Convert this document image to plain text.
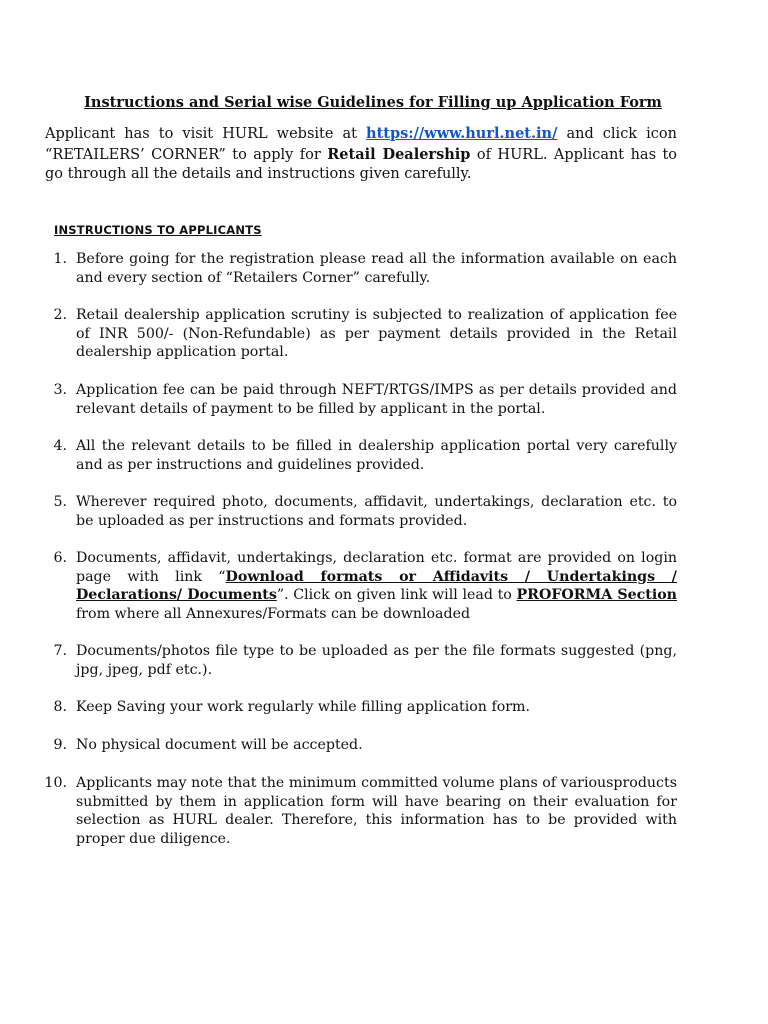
Instructions and Serial wise Guidelines for Filling up Application Form
Applicant has to visit HURL website at https://www.hurl.net.in/ and click icon “RETAILERS’ CORNER” to apply for Retail Dealership of HURL. Applicant has to go through all the details and instructions given carefully.
INSTRUCTIONS TO APPLICANTS
1. Before going for the registration please read all the information available on each and every section of “Retailers Corner” carefully.
2. Retail dealership application scrutiny is subjected to realization of application fee of INR 500/- (Non-Refundable) as per payment details provided in the Retail dealership application portal.
3. Application fee can be paid through NEFT/RTGS/IMPS as per details provided and relevant details of payment to be filled by applicant in the portal.
4. All the relevant details to be filled in dealership application portal very carefully and as per instructions and guidelines provided.
5. Wherever required photo, documents, affidavit, undertakings, declaration etc. to be uploaded as per instructions and formats provided.
6. Documents, affidavit, undertakings, declaration etc. format are provided on login page with link “Download formats or Affidavits / Undertakings / Declarations/ Documents”. Click on given link will lead to PROFORMA Section from where all Annexures/Formats can be downloaded
7. Documents/photos file type to be uploaded as per the file formats suggested (png, jpg, jpeg, pdf etc.).
8. Keep Saving your work regularly while filling application form.
9. No physical document will be accepted.
10. Applicants may note that the minimum committed volume plans of variousproducts submitted by them in application form will have bearing on their evaluation for selection as HURL dealer. Therefore, this information has to be provided with proper due diligence.
